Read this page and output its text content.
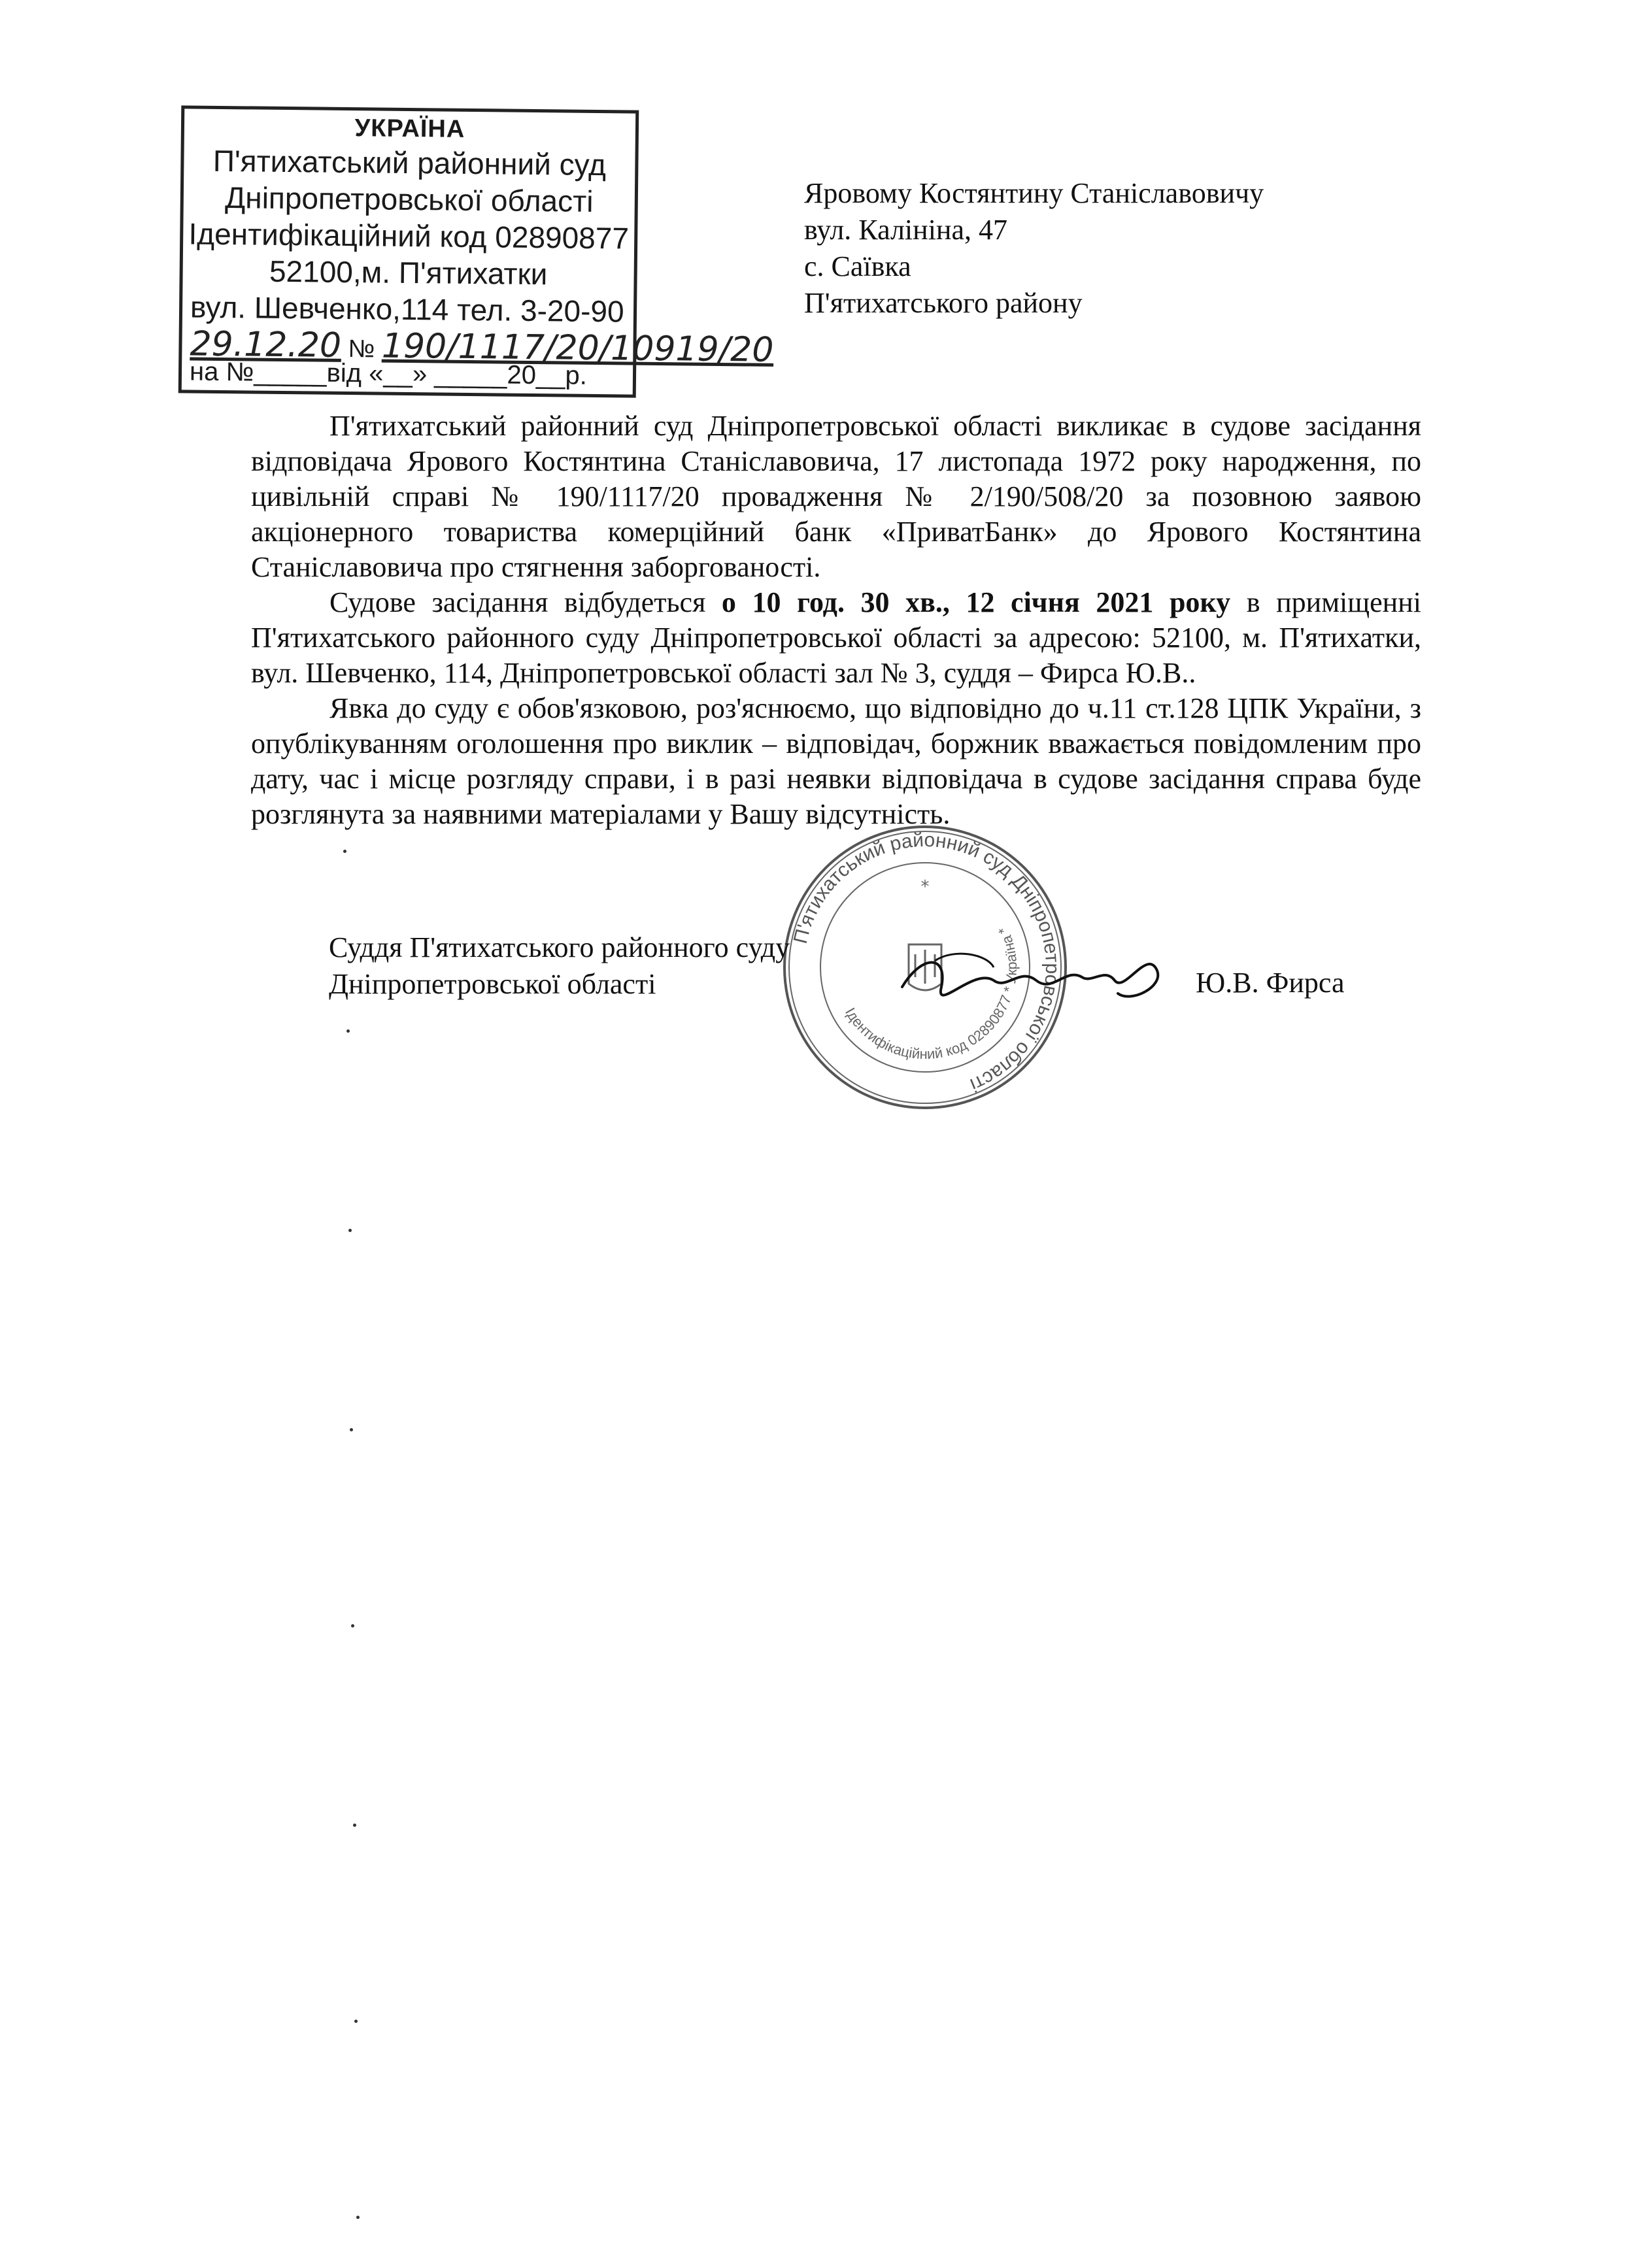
УКРАЇНА
П'ятихатський районний суд
Дніпропетровської області
Ідентифікаційний код 02890877
52100,м. П'ятихатки
вул. Шевченко,114 тел. 3-20-90
29.12.20 № 190/1117/20/10919/20
на №_____від «__» _____20__р.
Яровому Костянтину Станіславовичу
вул. Калініна, 47
с. Саївка
П'ятихатського району

П'ятихатський районний суд Дніпропетровської області викликає в судове засідання відповідача Ярового Костянтина Станіславовича, 17 листопада 1972 року народження, по цивільній справі № 190/1117/20 провадження № 2/190/508/20 за позовною заявою акціонерного товариства комерційний банк «ПриватБанк» до Ярового Костянтина Станіславовича про стягнення заборгованості.

Судове засідання відбудеться о 10 год. 30 хв., 12 січня 2021 року в приміщенні П'ятихатського районного суду Дніпропетровської області за адресою: 52100, м. П'ятихатки, вул. Шевченко, 114, Дніпропетровської області зал № 3, суддя – Фирса Ю.В..

Явка до суду є обов'язковою, роз'яснюємо, що відповідно до ч.11 ст.128 ЦПК України, з опублікуванням оголошення про виклик – відповідач, боржник вважається повідомленим про дату, час і місце розгляду справи, і в разі неявки відповідача в судове засідання справа буде розглянута за наявними матеріалами у Вашу відсутність.

П'ятихатський районний суд Дніпропетровської області
Ідентифікаційний код 02890877 * Україна *
*
Суддя П'ятихатського районного суду
Дніпропетровської області	Ю.В. Фирса
